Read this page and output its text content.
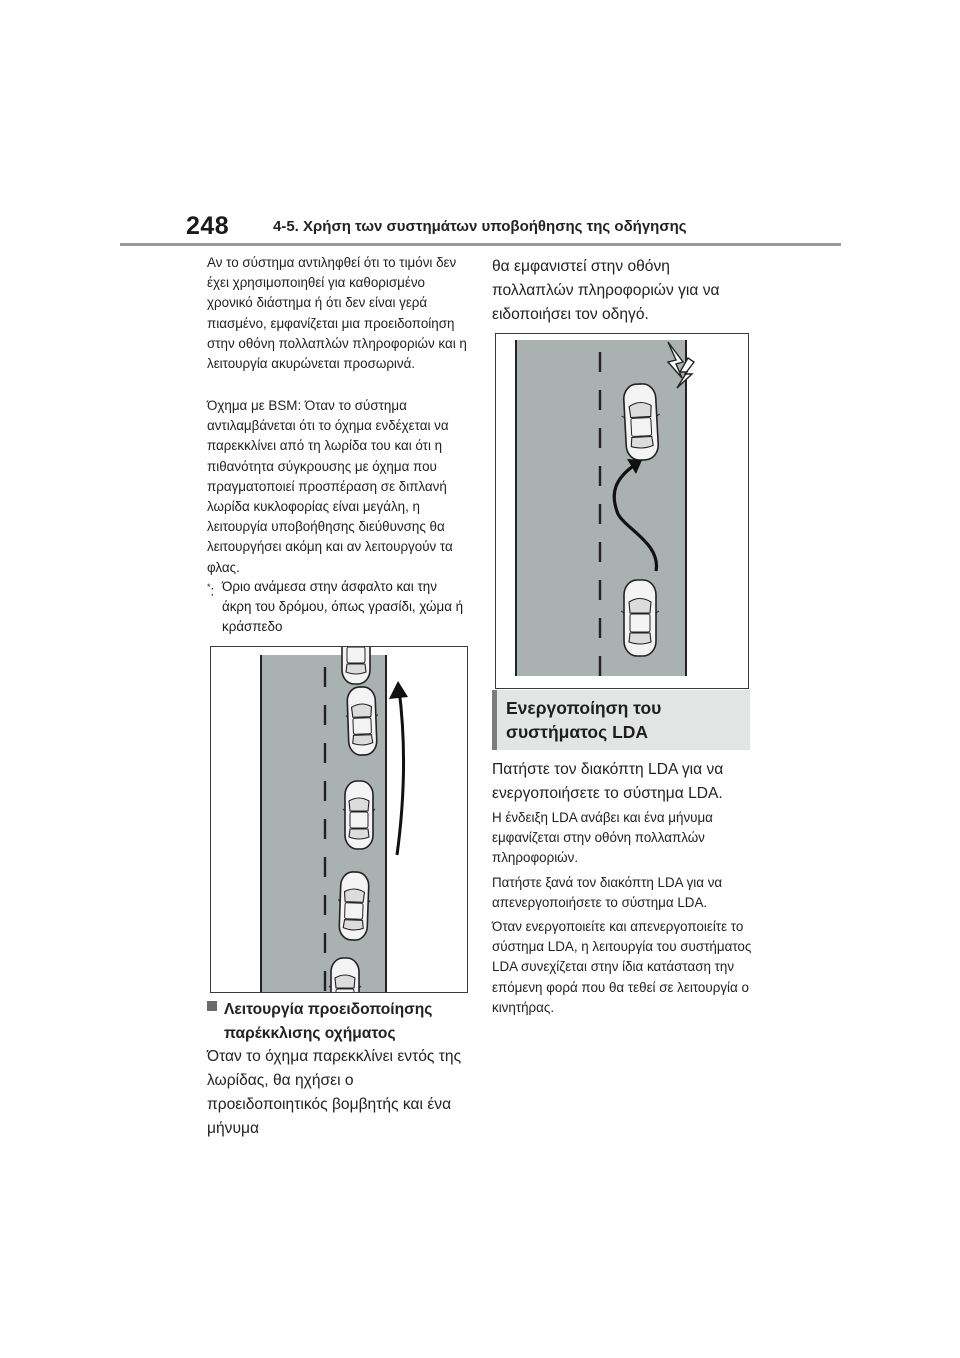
248	4-5. Χρήση των συστημάτων υποβοήθησης της οδήγησης

Αν το σύστημα αντιληφθεί ότι το τιμόνι δεν έχει χρησιμοποιηθεί για καθορισμένο χρονικό διάστημα ή ότι δεν είναι γερά πιασμένο, εμφανίζεται μια προειδοποίηση στην οθόνη πολλαπλών πληροφοριών και η λειτουργία ακυρώνεται προσωρινά.

Όχημα με BSM: Όταν το σύστημα αντιλαμβάνεται ότι το όχημα ενδέχεται να παρεκκλίνει από τη λωρίδα του και ότι η πιθανότητα σύγκρουσης με όχημα που πραγματοποιεί προσπέραση σε διπλανή λωρίδα κυκλοφορίας είναι μεγάλη, η λειτουργία υποβοήθησης διεύθυνσης θα λειτουργήσει ακόμη και αν λειτουργούν τα φλας.

*: Όριο ανάμεσα στην άσφαλτο και την άκρη του δρόμου, όπως γρασίδι, χώμα ή κράσπεδο
Λειτουργία προειδοποίησης παρέκκλισης οχήματος

Όταν το όχημα παρεκκλίνει εντός της λωρίδας, θα ηχήσει ο προειδοποιητικός βομβητής και ένα μήνυμα

θα εμφανιστεί στην οθόνη πολλαπλών πληροφοριών για να ειδοποιήσει τον οδηγό.

Ενεργοποίηση του συστήματος LDA

Πατήστε τον διακόπτη LDA για να ενεργοποιήσετε το σύστημα LDA.

Η ένδειξη LDA ανάβει και ένα μήνυμα εμφανίζεται στην οθόνη πολλαπλών πληροφοριών.

Πατήστε ξανά τον διακόπτη LDA για να απενεργοποιήσετε το σύστημα LDA.

Όταν ενεργοποιείτε και απενεργοποιείτε το σύστημα LDA, η λειτουργία του συστήματος LDA συνεχίζεται στην ίδια κατάσταση την επόμενη φορά που θα τεθεί σε λειτουργία ο κινητήρας.
